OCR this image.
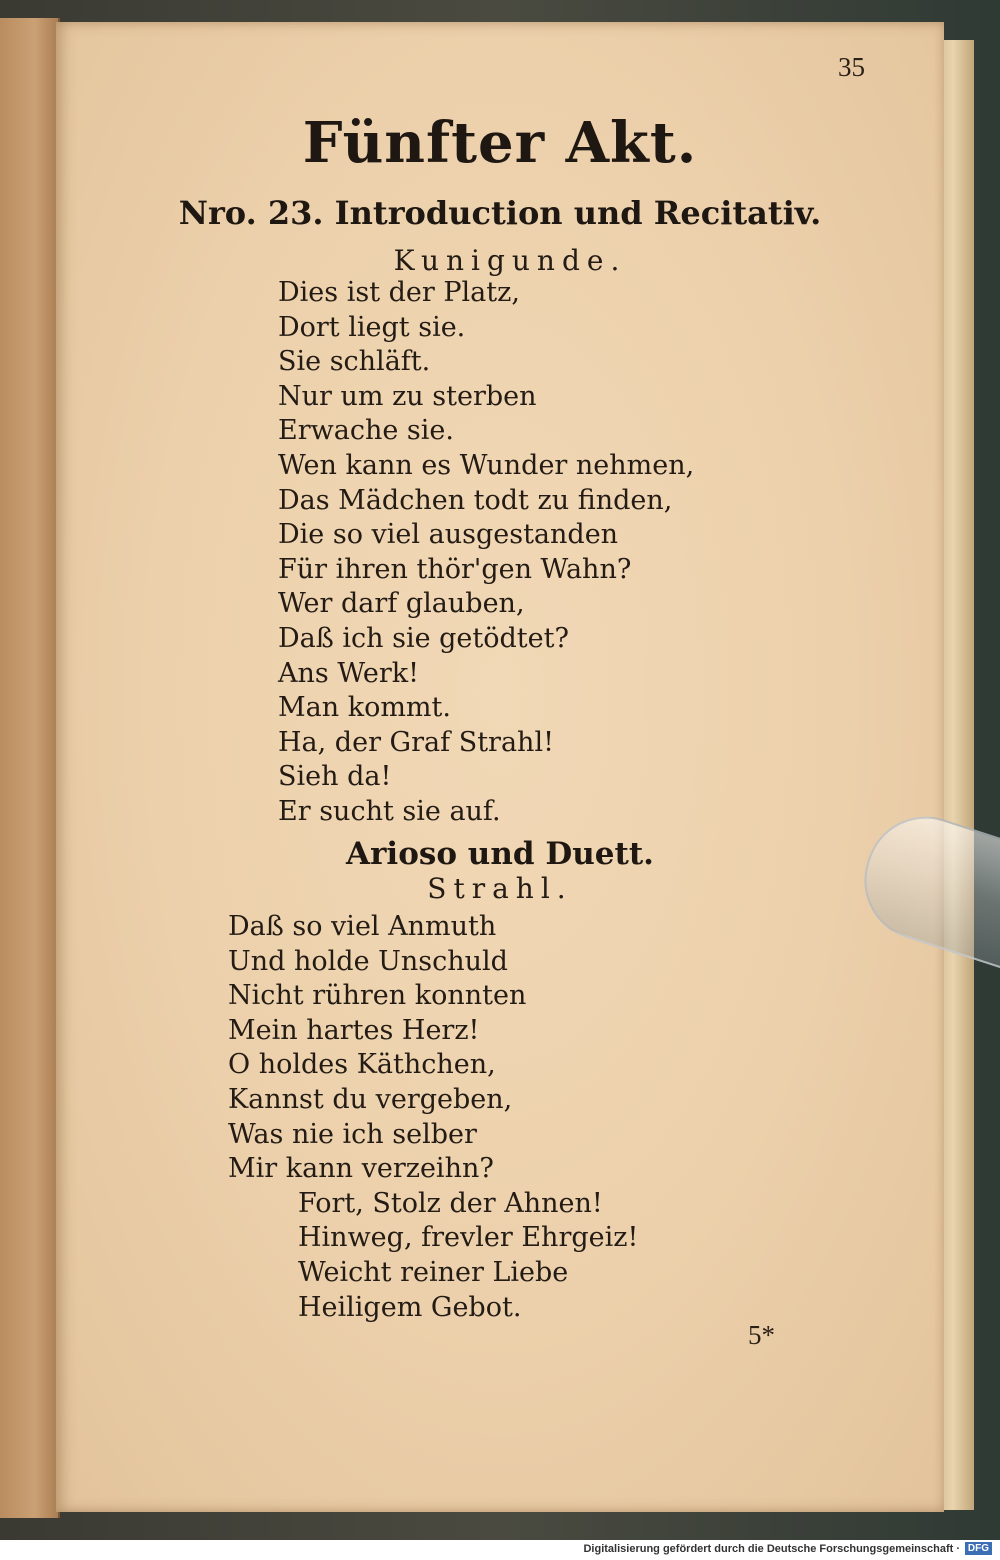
35
Fünfter Akt.
Nro. 23. Introduction und Recitativ.
Kunigunde.
Dies ist der Platz,
Dort liegt sie.
Sie schläft.
Nur um zu sterben
Erwache sie.
Wen kann es Wunder nehmen,
Das Mädchen todt zu finden,
Die so viel ausgestanden
Für ihren thör'gen Wahn?
Wer darf glauben,
Daß ich sie getödtet?
Ans Werk!
Man kommt.
Ha, der Graf Strahl!
Sieh da!
Er sucht sie auf.
Arioso und Duett.
Strahl.
Daß so viel Anmuth
Und holde Unschuld
Nicht rühren konnten
Mein hartes Herz!
O holdes Käthchen,
Kannst du vergeben,
Was nie ich selber
Mir kann verzeihn?
Fort, Stolz der Ahnen!
Hinweg, frevler Ehrgeiz!
Weicht reiner Liebe
Heiligem Gebot.
5*
Digitalisierung gefördert durch die Deutsche Forschungsgemeinschaft · DFG
